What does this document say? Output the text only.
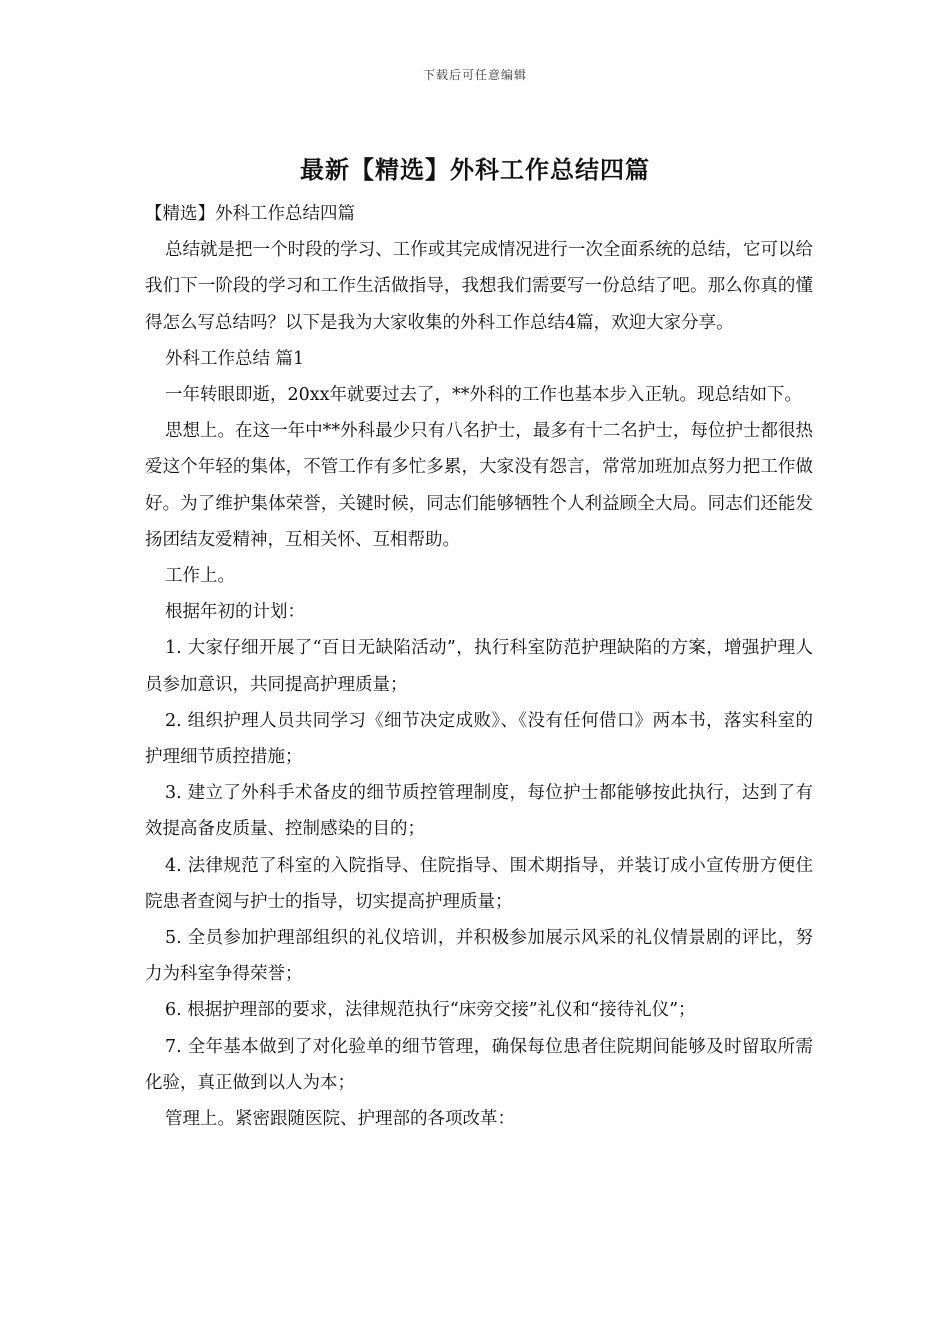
下载后可任意编辑
最新【精选】外科工作总结四篇

【精选】外科工作总结四篇

总结就是把一个时段的学习、工作或其完成情况进行一次全面系统的总结，它可以给我们下一阶段的学习和工作生活做指导，我想我们需要写一份总结了吧。那么你真的懂得怎么写总结吗？以下是我为大家收集的外科工作总结4篇，欢迎大家分享。

外科工作总结 篇1

一年转眼即逝，20xx年就要过去了，**外科的工作也基本步入正轨。现总结如下。

思想上。在这一年中**外科最少只有八名护士，最多有十二名护士，每位护士都很热爱这个年轻的集体，不管工作有多忙多累，大家没有怨言，常常加班加点努力把工作做好。为了维护集体荣誉，关键时候，同志们能够牺牲个人利益顾全大局。同志们还能发扬团结友爱精神，互相关怀、互相帮助。

工作上。

根据年初的计划：

1. 大家仔细开展了“百日无缺陷活动”，执行科室防范护理缺陷的方案，增强护理人员参加意识，共同提高护理质量；

2. 组织护理人员共同学习《细节决定成败》、《没有任何借口》两本书，落实科室的护理细节质控措施；

3. 建立了外科手术备皮的细节质控管理制度，每位护士都能够按此执行，达到了有效提高备皮质量、控制感染的目的；

4. 法律规范了科室的入院指导、住院指导、围术期指导，并装订成小宣传册方便住院患者查阅与护士的指导，切实提高护理质量；

5. 全员参加护理部组织的礼仪培训，并积极参加展示风采的礼仪情景剧的评比，努力为科室争得荣誉；

6. 根据护理部的要求，法律规范执行“床旁交接”礼仪和“接待礼仪”；

7. 全年基本做到了对化验单的细节管理，确保每位患者住院期间能够及时留取所需化验，真正做到以人为本；

管理上。紧密跟随医院、护理部的各项改革：
